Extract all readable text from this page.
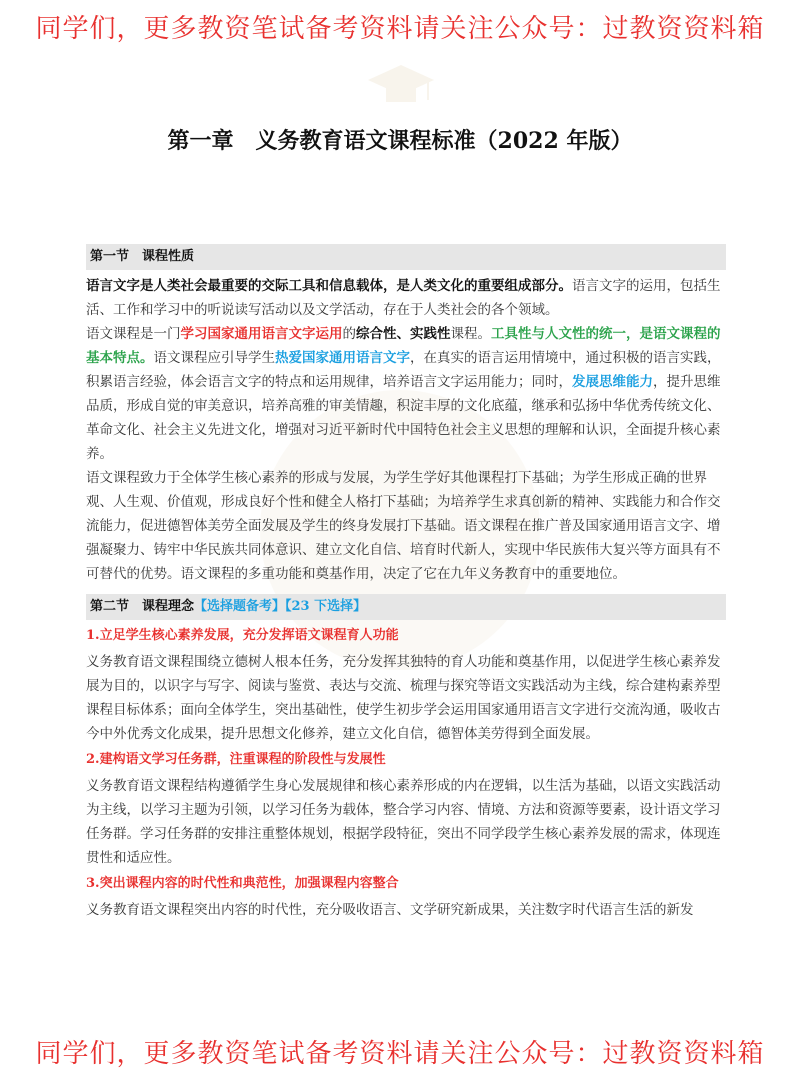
同学们，更多教资笔试备考资料请关注公众号：过教资资料箱
第一章　义务教育语文课程标准（2022 年版）
第一节　课程性质

语言文字是人类社会最重要的交际工具和信息载体，是人类文化的重要组成部分。语言文字的运用，包括生活、工作和学习中的听说读写活动以及文学活动，存在于人类社会的各个领域。

语文课程是一门学习国家通用语言文字运用的综合性、实践性课程。工具性与人文性的统一，是语文课程的基本特点。语文课程应引导学生热爱国家通用语言文字，在真实的语言运用情境中，通过积极的语言实践，积累语言经验，体会语言文字的特点和运用规律，培养语言文字运用能力；同时，发展思维能力，提升思维品质，形成自觉的审美意识，培养高雅的审美情趣，积淀丰厚的文化底蕴，继承和弘扬中华优秀传统文化、革命文化、社会主义先进文化，增强对习近平新时代中国特色社会主义思想的理解和认识，全面提升核心素养。

语文课程致力于全体学生核心素养的形成与发展，为学生学好其他课程打下基础；为学生形成正确的世界观、人生观、价值观，形成良好个性和健全人格打下基础；为培养学生求真创新的精神、实践能力和合作交流能力，促进德智体美劳全面发展及学生的终身发展打下基础。语文课程在推广普及国家通用语言文字、增强凝聚力、铸牢中华民族共同体意识、建立文化自信、培育时代新人，实现中华民族伟大复兴等方面具有不可替代的优势。语文课程的多重功能和奠基作用，决定了它在九年义务教育中的重要地位。

第二节　课程理念【选择题备考】【23 下选择】
1.立足学生核心素养发展，充分发挥语文课程育人功能

义务教育语文课程围绕立德树人根本任务，充分发挥其独特的育人功能和奠基作用，以促进学生核心素养发展为目的，以识字与写字、阅读与鉴赏、表达与交流、梳理与探究等语文实践活动为主线，综合建构素养型课程目标体系；面向全体学生，突出基础性，使学生初步学会运用国家通用语言文字进行交流沟通，吸收古今中外优秀文化成果，提升思想文化修养，建立文化自信，德智体美劳得到全面发展。

2.建构语文学习任务群，注重课程的阶段性与发展性

义务教育语文课程结构遵循学生身心发展规律和核心素养形成的内在逻辑，以生活为基础，以语文实践活动为主线，以学习主题为引领，以学习任务为载体，整合学习内容、情境、方法和资源等要素，设计语文学习任务群。学习任务群的安排注重整体规划，根据学段特征，突出不同学段学生核心素养发展的需求，体现连贯性和适应性。

3.突出课程内容的时代性和典范性，加强课程内容整合

义务教育语文课程突出内容的时代性，充分吸收语言、文学研究新成果，关注数字时代语言生活的新发

同学们，更多教资笔试备考资料请关注公众号：过教资资料箱
